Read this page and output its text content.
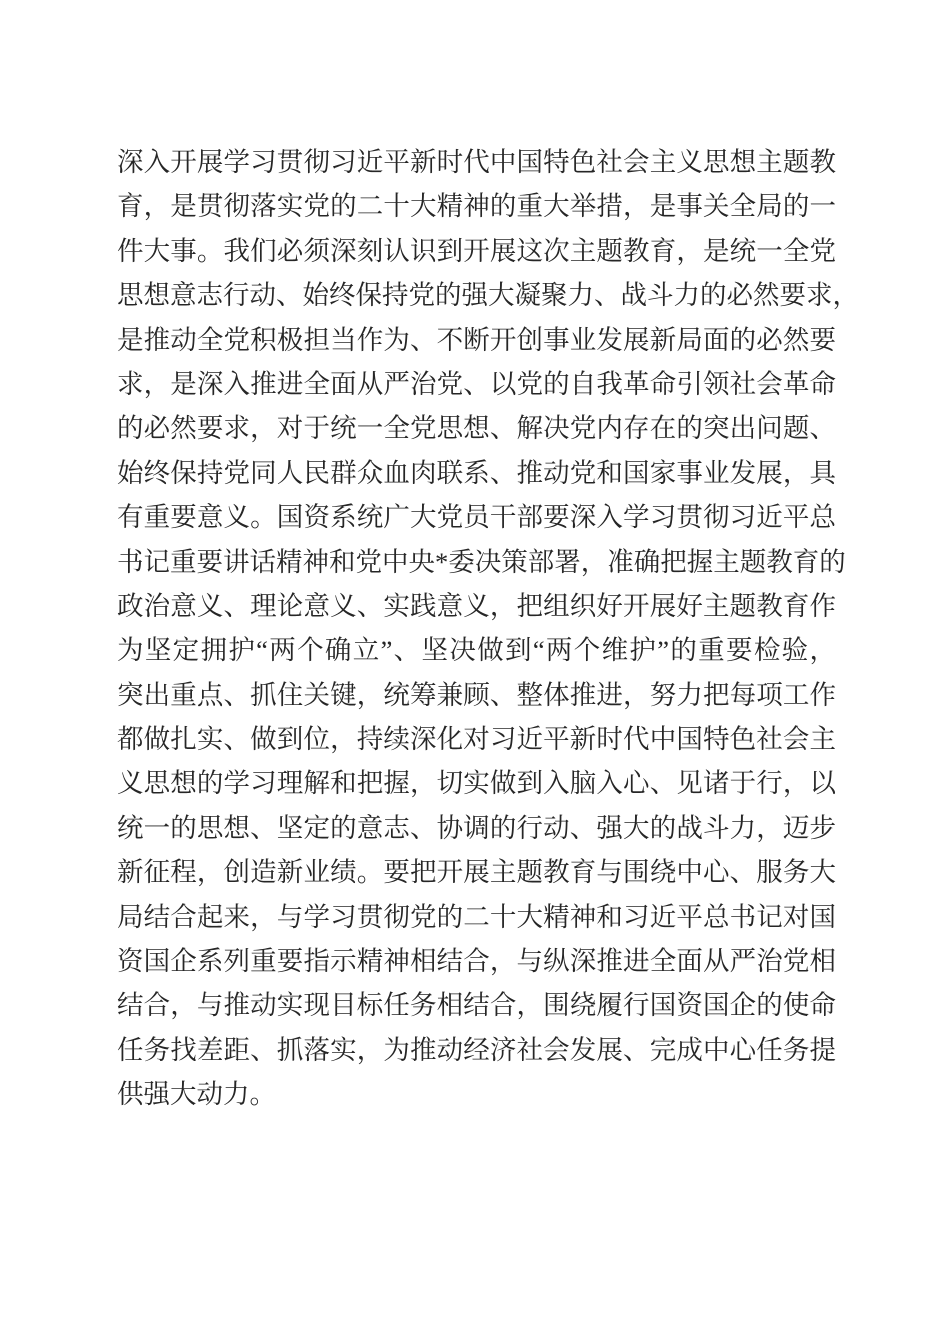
深入开展学习贯彻习近平新时代中国特色社会主义思想主题教
育，是贯彻落实党的二十大精神的重大举措，是事关全局的一
件大事。我们必须深刻认识到开展这次主题教育，是统一全党
思想意志行动、始终保持党的强大凝聚力、战斗力的必然要求，
是推动全党积极担当作为、不断开创事业发展新局面的必然要
求，是深入推进全面从严治党、以党的自我革命引领社会革命
的必然要求，对于统一全党思想、解决党内存在的突出问题、
始终保持党同人民群众血肉联系、推动党和国家事业发展，具
有重要意义。国资系统广大党员干部要深入学习贯彻习近平总
书记重要讲话精神和党中央*委决策部署，准确把握主题教育的
政治意义、理论意义、实践意义，把组织好开展好主题教育作
为坚定拥护“两个确立”、坚决做到“两个维护”的重要检验，
突出重点、抓住关键，统筹兼顾、整体推进，努力把每项工作
都做扎实、做到位，持续深化对习近平新时代中国特色社会主
义思想的学习理解和把握，切实做到入脑入心、见诸于行，以
统一的思想、坚定的意志、协调的行动、强大的战斗力，迈步
新征程，创造新业绩。要把开展主题教育与围绕中心、服务大
局结合起来，与学习贯彻党的二十大精神和习近平总书记对国
资国企系列重要指示精神相结合，与纵深推进全面从严治党相
结合，与推动实现目标任务相结合，围绕履行国资国企的使命
任务找差距、抓落实，为推动经济社会发展、完成中心任务提
供强大动力。
